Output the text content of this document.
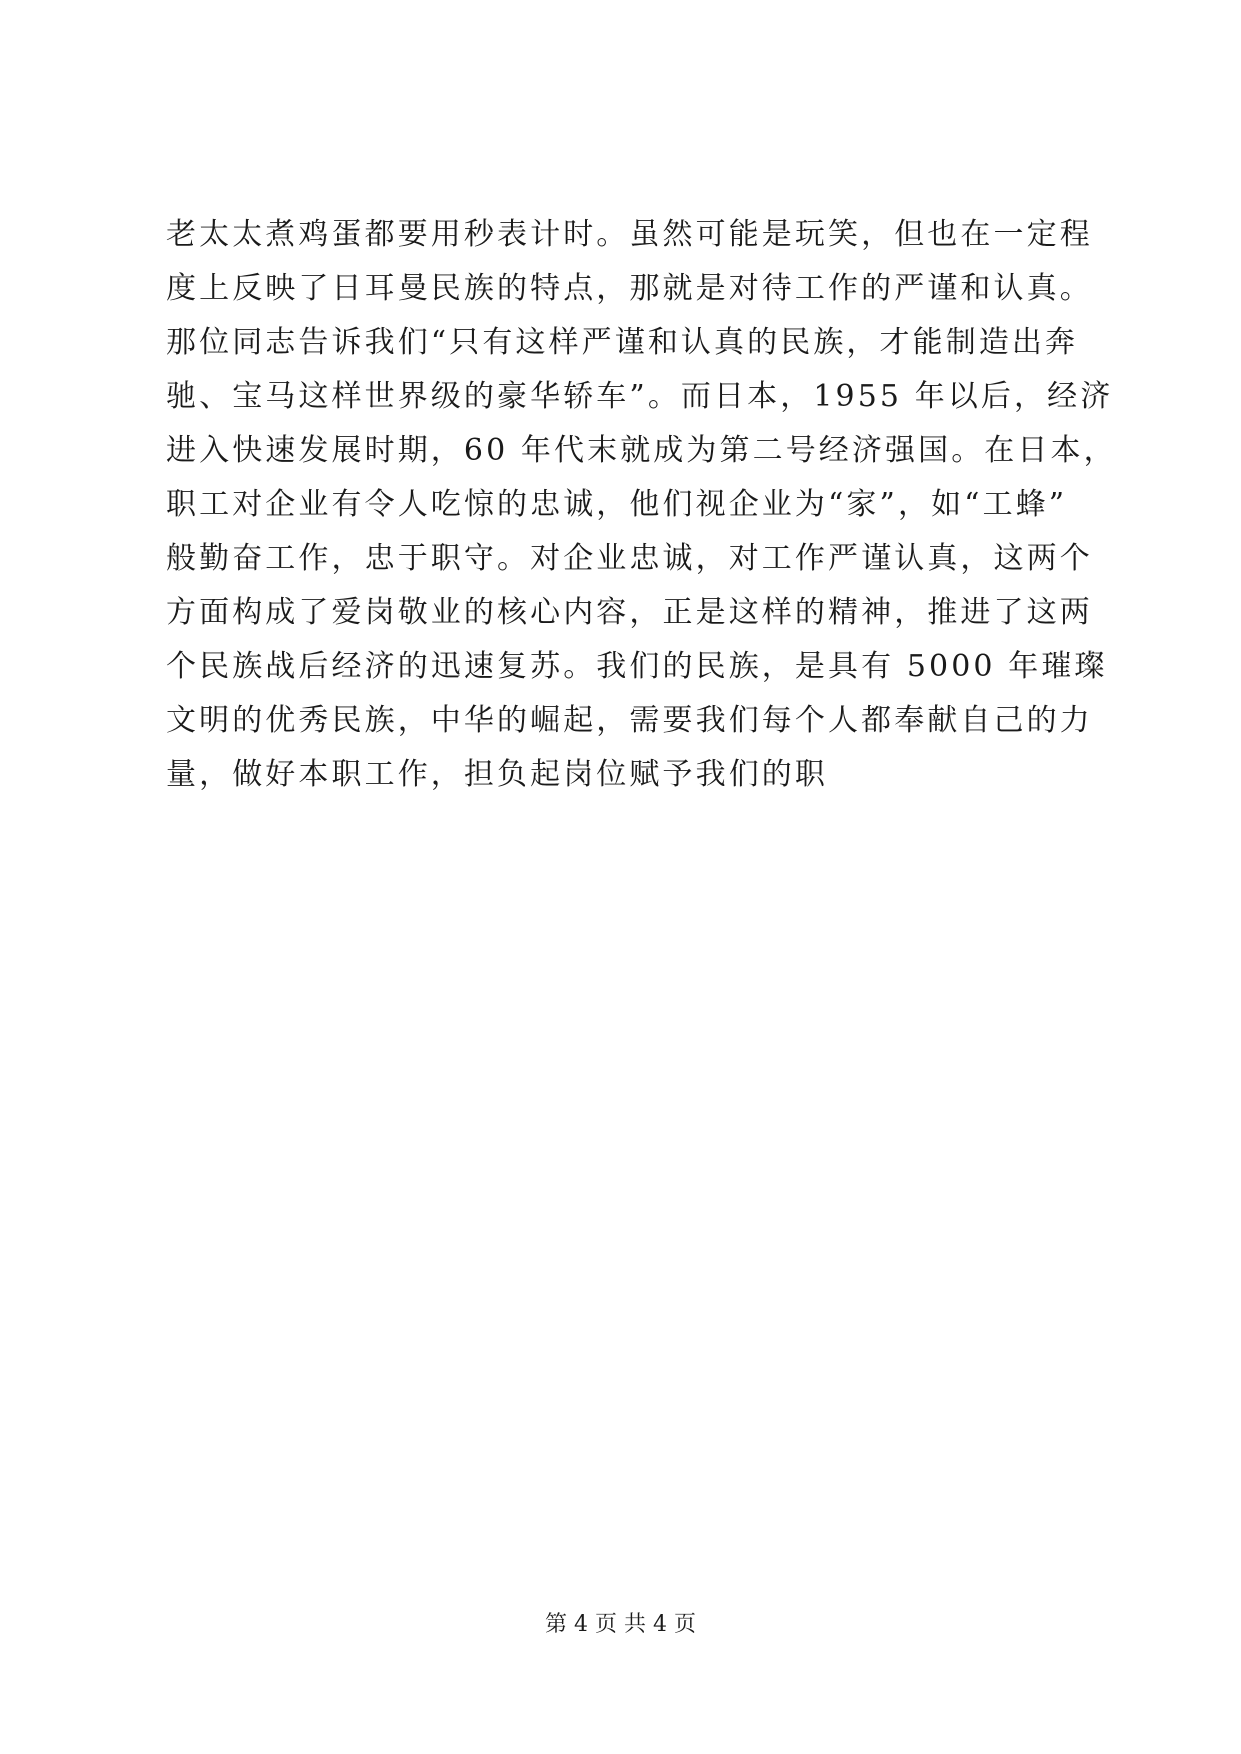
老太太煮鸡蛋都要用秒表计时。虽然可能是玩笑，但也在一定程
度上反映了日耳曼民族的特点，那就是对待工作的严谨和认真。
那位同志告诉我们“只有这样严谨和认真的民族，才能制造出奔
驰、宝马这样世界级的豪华轿车”。而日本，1955 年以后，经济
进入快速发展时期，60 年代末就成为第二号经济强国。在日本，
职工对企业有令人吃惊的忠诚，他们视企业为“家”，如“工蜂”
般勤奋工作，忠于职守。对企业忠诚，对工作严谨认真，这两个
方面构成了爱岗敬业的核心内容，正是这样的精神，推进了这两
个民族战后经济的迅速复苏。我们的民族，是具有 5000 年璀璨
文明的优秀民族，中华的崛起，需要我们每个人都奉献自己的力
量，做好本职工作，担负起岗位赋予我们的职
第 4 页 共 4 页
